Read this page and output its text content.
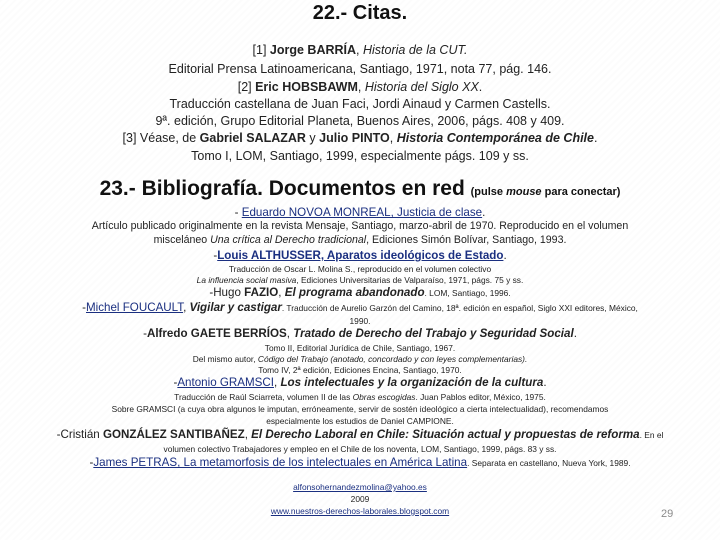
22.- Citas.
[1] Jorge BARRÍA, Historia de la CUT.
Editorial Prensa Latinoamericana, Santiago, 1971, nota 77, pág. 146.
[2] Eric HOBSBAWM, Historia del Siglo XX.
Traducción castellana de Juan Faci, Jordi Ainaud y Carmen Castells.
9ª. edición, Grupo Editorial Planeta, Buenos Aires, 2006, págs. 408 y 409.
[3] Véase, de Gabriel SALAZAR y Julio PINTO, Historia Contemporánea de Chile.
Tomo I, LOM, Santiago, 1999, especialmente págs. 109 y ss.
23.- Bibliografía. Documentos en red (pulse mouse para conectar)
- Eduardo NOVOA MONREAL, Justicia de clase.
Artículo publicado originalmente en la revista Mensaje, Santiago, marzo-abril de 1970. Reproducido en el volumen
misceláneo Una crítica al Derecho tradicional, Ediciones Simón Bolívar, Santiago, 1993.
-Louis ALTHUSSER, Aparatos ideológicos de Estado.
Traducción de Oscar L. Molina S., reproducido en el volumen colectivo
La influencia social masiva, Ediciones Universitarias de Valparaíso, 1971, págs. 75 y ss.
-Hugo FAZIO, El programa abandonado. LOM, Santiago, 1996.
-Michel FOUCAULT, Vigilar y castigar. Traducción de Aurelio Garzón del Camino, 18ª. edición en español, Siglo XXI editores, México,
1990.
-Alfredo GAETE BERRÍOS, Tratado de Derecho del Trabajo y Seguridad Social.
Tomo II, Editorial Jurídica de Chile, Santiago, 1967.
Del mismo autor, Código del Trabajo (anotado, concordado y con leyes complementarias).
Tomo IV, 2ª edición, Ediciones Encina, Santiago, 1970.
-Antonio GRAMSCI, Los intelectuales y la organización de la cultura.
Traducción de Raúl Sciarreta, volumen II de las Obras escogidas. Juan Pablos editor, México, 1975.
Sobre GRAMSCI (a cuya obra algunos le imputan, erróneamente, servir de sostén ideológico a cierta intelectualidad), recomendamos
especialmente los estudios de Daniel CAMPIONE.
-Cristián GONZÁLEZ SANTIBAÑEZ, El Derecho Laboral en Chile: Situación actual y propuestas de reforma. En el
volumen colectivo Trabajadores y empleo en el Chile de los noventa, LOM, Santiago, 1999, págs. 83 y ss.
-James PETRAS, La metamorfosis de los intelectuales en América Latina. Separata en castellano, Nueva York, 1989.
alfonsohernandezmolina@yahoo.es
2009
www.nuestros-derechos-laborales.blogspot.com	29
